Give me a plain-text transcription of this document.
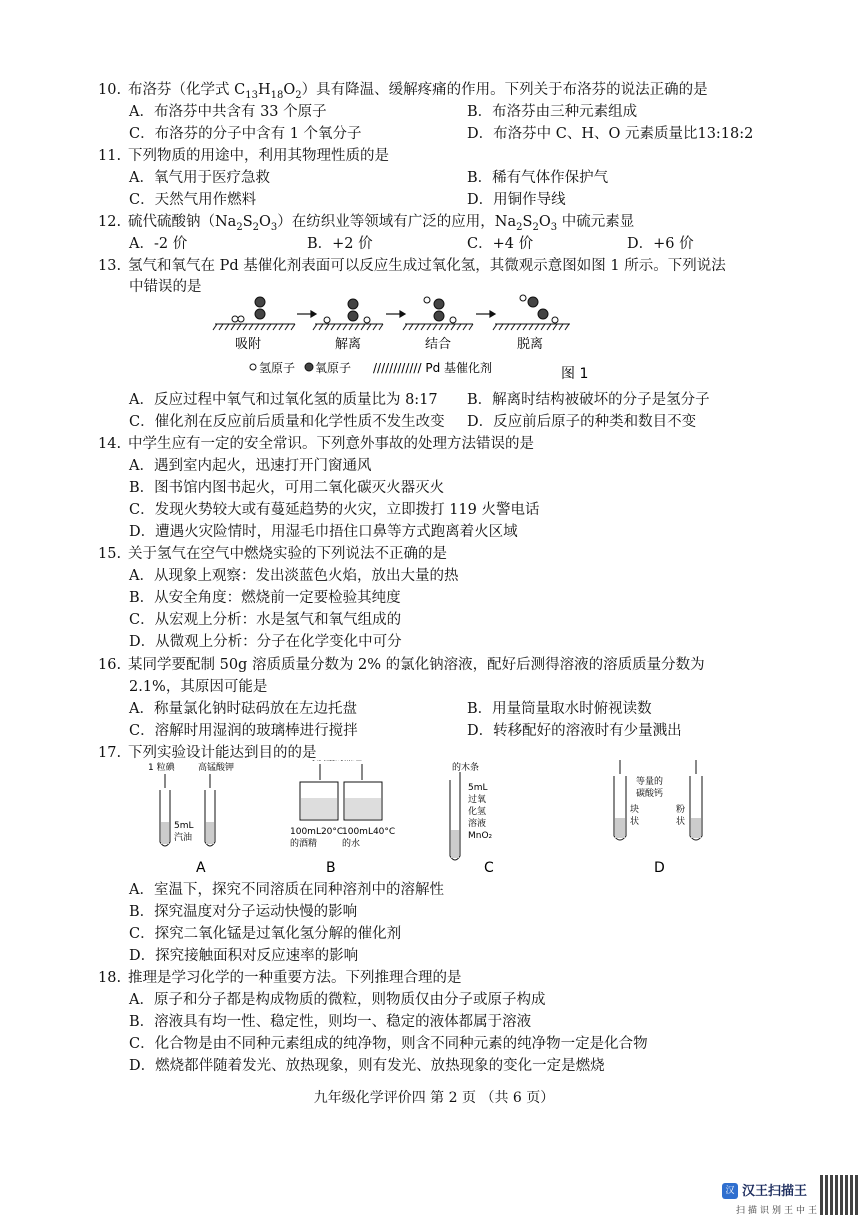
10. 布洛芬（化学式 $C_{13}H_{18}O_2$）具有降温、缓解疼痛的作用。下列关于布洛芬的说法正确的是
A．布洛芬中共含有 33 个原子	B．布洛芬由三种元素组成
C．布洛芬的分子中含有 1 个氧分子	D．布洛芬中 C、H、O 元素质量比13:18:2
11. 下列物质的用途中，利用其物理性质的是
A．氧气用于医疗急救	B．稀有气体作保护气
C．天然气用作燃料	D．用铜作导线
12. 硫代硫酸钠$(Na_2S_2O_3)$在纺织业等领域有广泛的应用，$Na_2S_2O_3$ 中硫元素显
A．-2 价	B．+2 价	C．+4 价	D．+6 价
13. 氢气和氧气在 Pd 基催化剂表面可以反应生成过氧化氢，其微观示意图如图 1 所示。下列说法
中错误的是
吸附	解离	结合	脱离
氢原子 氧原子 //////////// Pd 基催化剂	图 1
A．反应过程中氧气和过氧化氢的质量比为 8:17 B．解离时结构被破坏的分子是氢分子
C．催化剂在反应前后质量和化学性质不发生改变 D．反应前后原子的种类和数目不变
14. 中学生应有一定的安全常识。下列意外事故的处理方法错误的是
A．遇到室内起火，迅速打开门窗通风
B．图书馆内图书起火，可用二氧化碳灭火器灭火
C．发现火势较大或有蔓延趋势的火灾，立即拨打 119 火警电话
D．遭遇火灾险情时，用湿毛巾捂住口鼻等方式跑离着火区域
15. 关于氢气在空气中燃烧实验的下列说法不正确的是
A．从现象上观察：发出淡蓝色火焰，放出大量的热
B．从安全角度：燃烧前一定要检验其纯度
C．从宏观上分析：水是氢气和氧气组成的
D．从微观上分析：分子在化学变化中可分
16. 某同学要配制 50g 溶质质量分数为 2% 的氯化钠溶液，配好后测得溶液的溶质质量分数为
2.1%，其原因可能是
A．称量氯化钠时砝码放在左边托盘	B．用量筒量取水时俯视读数
C．溶解时用湿润的玻璃棒进行搅拌	D．转移配好的溶液时有少量溅出
17. 下列实验设计能达到目的的是
1 粒碘	高锰酸钾
5mL
汽油
A
100mL20°C
的酒精
100mL40°C
的水
B
的木条
5mL
过氧
化氢
溶液
MnO₂
C
等量的
碳酸钙
块
状
粉
状
D
A．室温下，探究不同溶质在同种溶剂中的溶解性
B．探究温度对分子运动快慢的影响
C．探究二氧化锰是过氧化氢分解的催化剂
D．探究接触面积对反应速率的影响
18. 推理是学习化学的一种重要方法。下列推理合理的是
A．原子和分子都是构成物质的微粒，则物质仅由分子或原子构成
B．溶液具有均一性、稳定性，则均一、稳定的液体都属于溶液
C．化合物是由不同种元素组成的纯净物，则含不同种元素的纯净物一定是化合物
D．燃烧都伴随着发光、放热现象，则有发光、放热现象的变化一定是燃烧
九年级化学评价四 第 2 页 （共 6 页）
汉 汉王扫描王
扫描识别王中王
